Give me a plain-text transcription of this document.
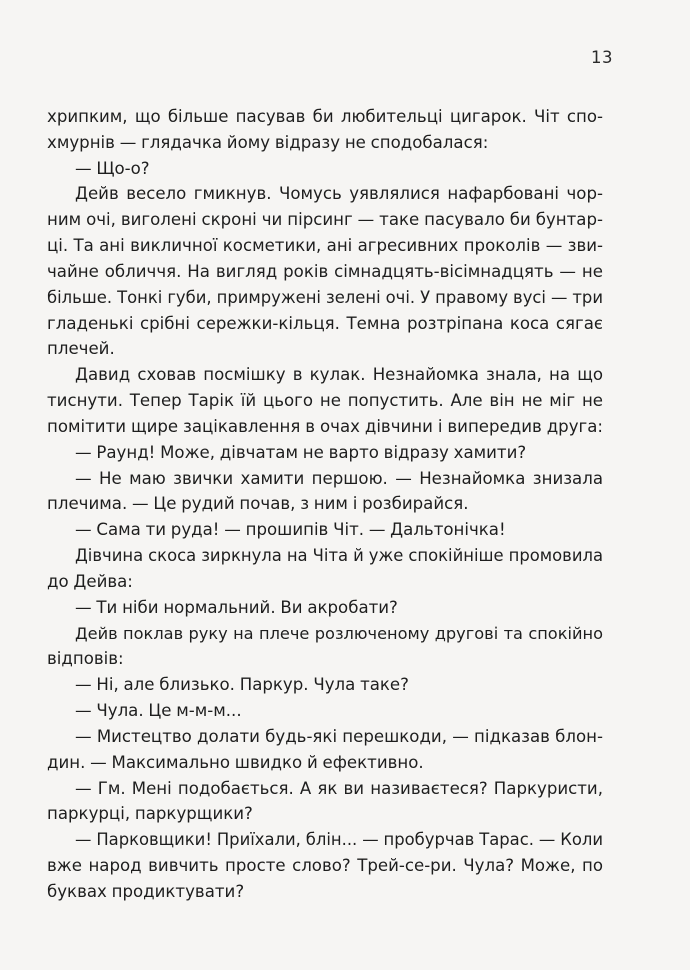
13
хрипким, що більше пасував би любительці цигарок. Чіт спо-
хмурнів — глядачка йому відразу не сподобалася:
— Що-о?
Дейв весело гмикнув. Чомусь уявлялися нафарбовані чор-
ним очі, виголені скроні чи пірсинг — таке пасувало би бунтар-
ці. Та ані викличної косметики, ані агресивних проколів — зви-
чайне обличчя. На вигляд років сімнадцять-вісімнадцять — не
більше. Тонкі губи, примружені зелені очі. У правому вусі — три
гладенькі срібні сережки-кільця. Темна розтріпана коса сягає
плечей.
Давид сховав посмішку в кулак. Незнайомка знала, на що
тиснути. Тепер Тарік їй цього не попустить. Але він не міг не
помітити щире зацікавлення в очах дівчини і випередив друга:
— Раунд! Може, дівчатам не варто відразу хамити?
— Не маю звички хамити першою. — Незнайомка знизала
плечима. — Це рудий почав, з ним і розбирайся.
— Сама ти руда! — прошипів Чіт. — Дальтонічка!
Дівчина скоса зиркнула на Чіта й уже спокійніше промовила
до Дейва:
— Ти ніби нормальний. Ви акробати?
Дейв поклав руку на плече розлюченому другові та спокійно
відповів:
— Ні, але близько. Паркур. Чула таке?
— Чула. Це м-м-м...
— Мистецтво долати будь-які перешкоди, — підказав блон-
дин. — Максимально швидко й ефективно.
— Гм. Мені подобається. А як ви називаєтеся? Паркуристи,
паркурці, паркурщики?
— Парковщики! Приїхали, блін... — пробурчав Тарас. — Коли
вже народ вивчить просте слово? Трей-се-ри. Чула? Може, по
буквах продиктувати?
